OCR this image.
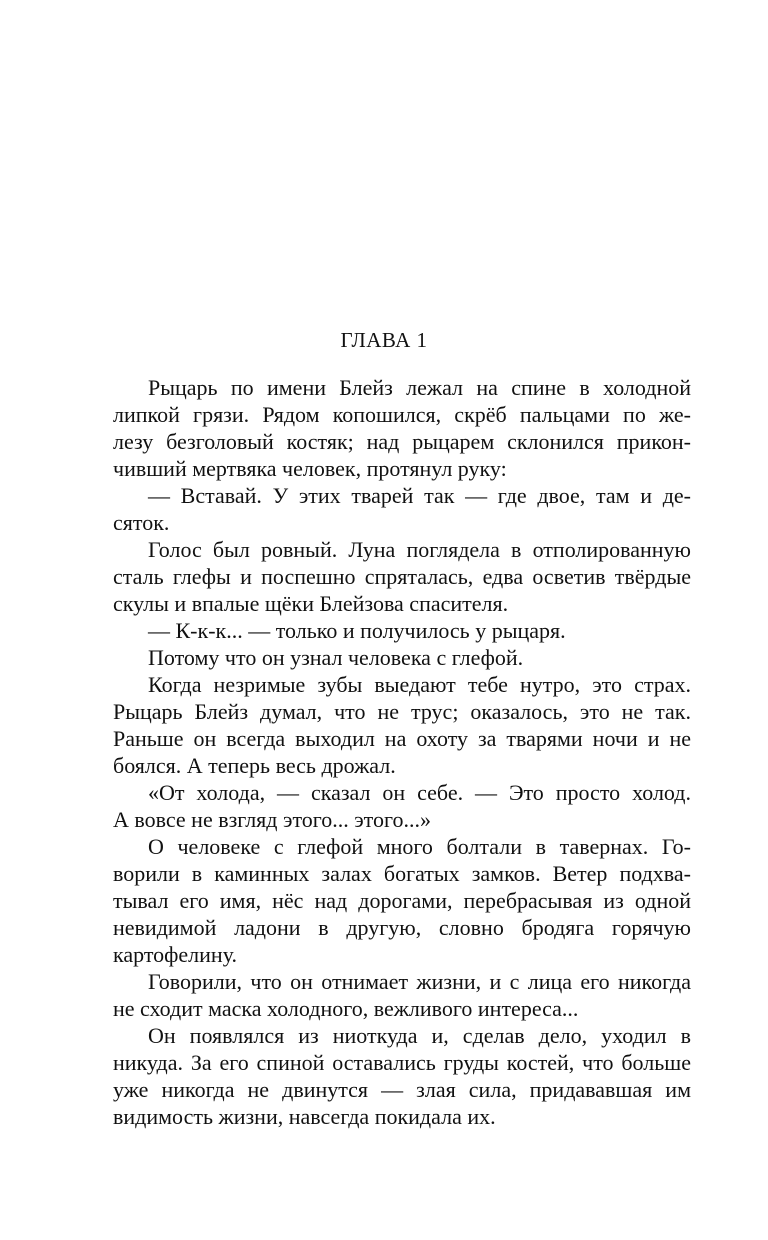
ГЛАВА 1
Рыцарь по имени Блейз лежал на спине в холодной
липкой грязи. Рядом копошился, скрёб пальцами по же-
лезу безголовый костяк; над рыцарем склонился прикон-
чивший мертвяка человек, протянул руку:
— Вставай. У этих тварей так — где двое, там и де-
сяток.
Голос был ровный. Луна поглядела в отполированную
сталь глефы и поспешно спряталась, едва осветив твёрдые
скулы и впалые щёки Блейзова спасителя.
— К-к-к... — только и получилось у рыцаря.
Потому что он узнал человека с глефой.
Когда незримые зубы выедают тебе нутро, это страх.
Рыцарь Блейз думал, что не трус; оказалось, это не так.
Раньше он всегда выходил на охоту за тварями ночи и не
боялся. А теперь весь дрожал.
«От холода, — сказал он себе. — Это просто холод.
А вовсе не взгляд этого... этого...»
О человеке с глефой много болтали в тавернах. Го-
ворили в каминных залах богатых замков. Ветер подхва-
тывал его имя, нёс над дорогами, перебрасывая из одной
невидимой ладони в другую, словно бродяга горячую
картофелину.
Говорили, что он отнимает жизни, и с лица его никогда
не сходит маска холодного, вежливого интереса...
Он появлялся из ниоткуда и, сделав дело, уходил в
никуда. За его спиной оставались груды костей, что больше
уже никогда не двинутся — злая сила, придававшая им
видимость жизни, навсегда покидала их.
